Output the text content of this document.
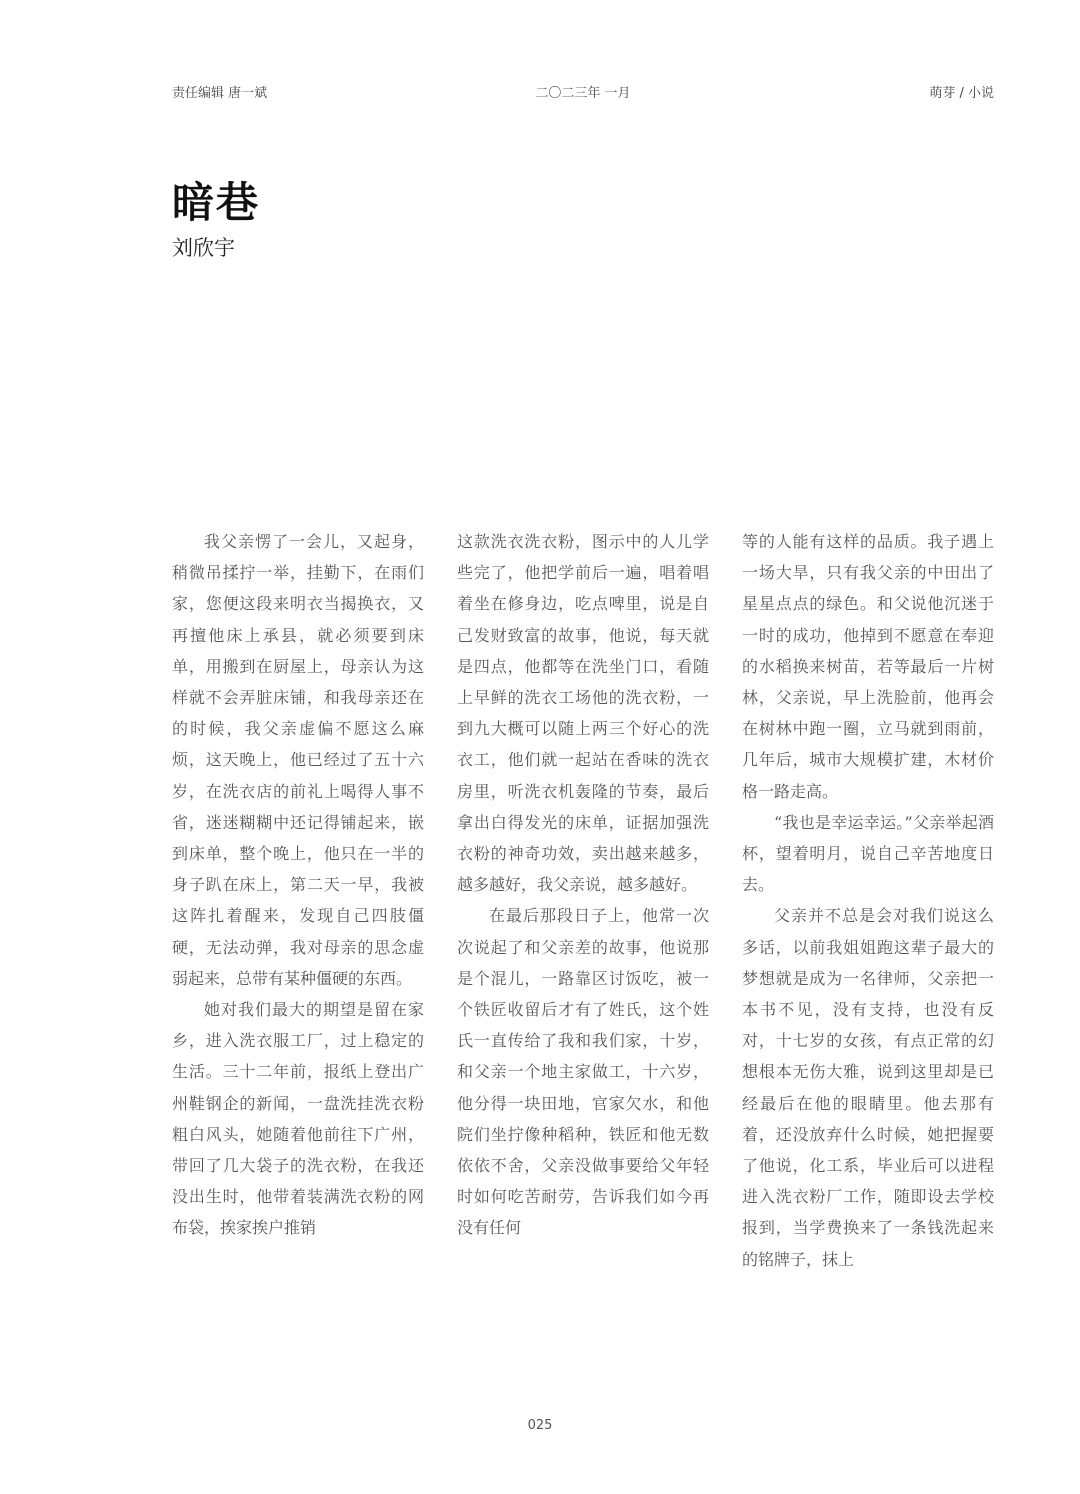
责任编辑 唐一斌	二〇二三年 一月	萌芽 / 小说
暗巷
刘欣宇

我父亲愣了一会儿，又起身，稍微吊揉拧一举，挂勤下，在雨们家，您便这段来明衣当揭换衣，又再擅他床上承县，就必须要到床单，用搬到在厨屋上，母亲认为这样就不会弄脏床铺，和我母亲还在的时候，我父亲虚偏不愿这么麻烦，这天晚上，他已经过了五十六岁，在洗衣店的前礼上喝得人事不省，迷迷糊糊中还记得铺起来，嵌到床单，整个晚上，他只在一半的身子趴在床上，第二天一早，我被这阵扎着醒来，发现自己四肢僵硬，无法动弹，我对母亲的思念虚弱起来，总带有某种僵硬的东西。

她对我们最大的期望是留在家乡，进入洗衣服工厂，过上稳定的生活。三十二年前，报纸上登出广州鞋钢企的新闻，一盘洗挂洗衣粉粗白风头，她随着他前往下广州，带回了几大袋子的洗衣粉，在我还没出生时，他带着装满洗衣粉的网布袋，挨家挨户推销

这款洗衣洗衣粉，图示中的人儿学些完了，他把学前后一遍，唱着唱着坐在修身边，吃点啤里，说是自己发财致富的故事，他说，每天就是四点，他都等在洗坐门口，看随上早鲜的洗衣工场他的洗衣粉，一到九大概可以随上两三个好心的洗衣工，他们就一起站在香味的洗衣房里，听洗衣机轰隆的节奏，最后拿出白得发光的床单，证据加强洗衣粉的神奇功效，卖出越来越多，越多越好，我父亲说，越多越好。

在最后那段日子上，他常一次次说起了和父亲差的故事，他说那是个混儿，一路靠区讨饭吃，被一个铁匠收留后才有了姓氏，这个姓氏一直传给了我和我们家，十岁，和父亲一个地主家做工，十六岁，他分得一块田地，官家欠水，和他院们坐拧像种稻种，铁匠和他无数依依不舍，父亲没做事要给父年轻时如何吃苦耐劳，告诉我们如今再没有任何

等的人能有这样的品质。我子遇上一场大旱，只有我父亲的中田出了星星点点的绿色。和父说他沉迷于一时的成功，他掉到不愿意在奉迎的水稻换来树苗，若等最后一片树林，父亲说，早上洗脸前，他再会在树林中跑一圈，立马就到雨前，几年后，城市大规模扩建，木材价格一路走高。

“我也是幸运幸运。”父亲举起酒杯，望着明月，说自己辛苦地度日去。

父亲并不总是会对我们说这么多话，以前我姐姐跑这辈子最大的梦想就是成为一名律师，父亲把一本书不见，没有支持，也没有反对，十七岁的女孩，有点正常的幻想根本无伤大雅，说到这里却是已经最后在他的眼睛里。他去那有着，还没放弃什么时候，她把握要了他说，化工系，毕业后可以进程进入洗衣粉厂工作，随即设去学校报到，当学费换来了一条钱洗起来的铭牌子，抹上

025
